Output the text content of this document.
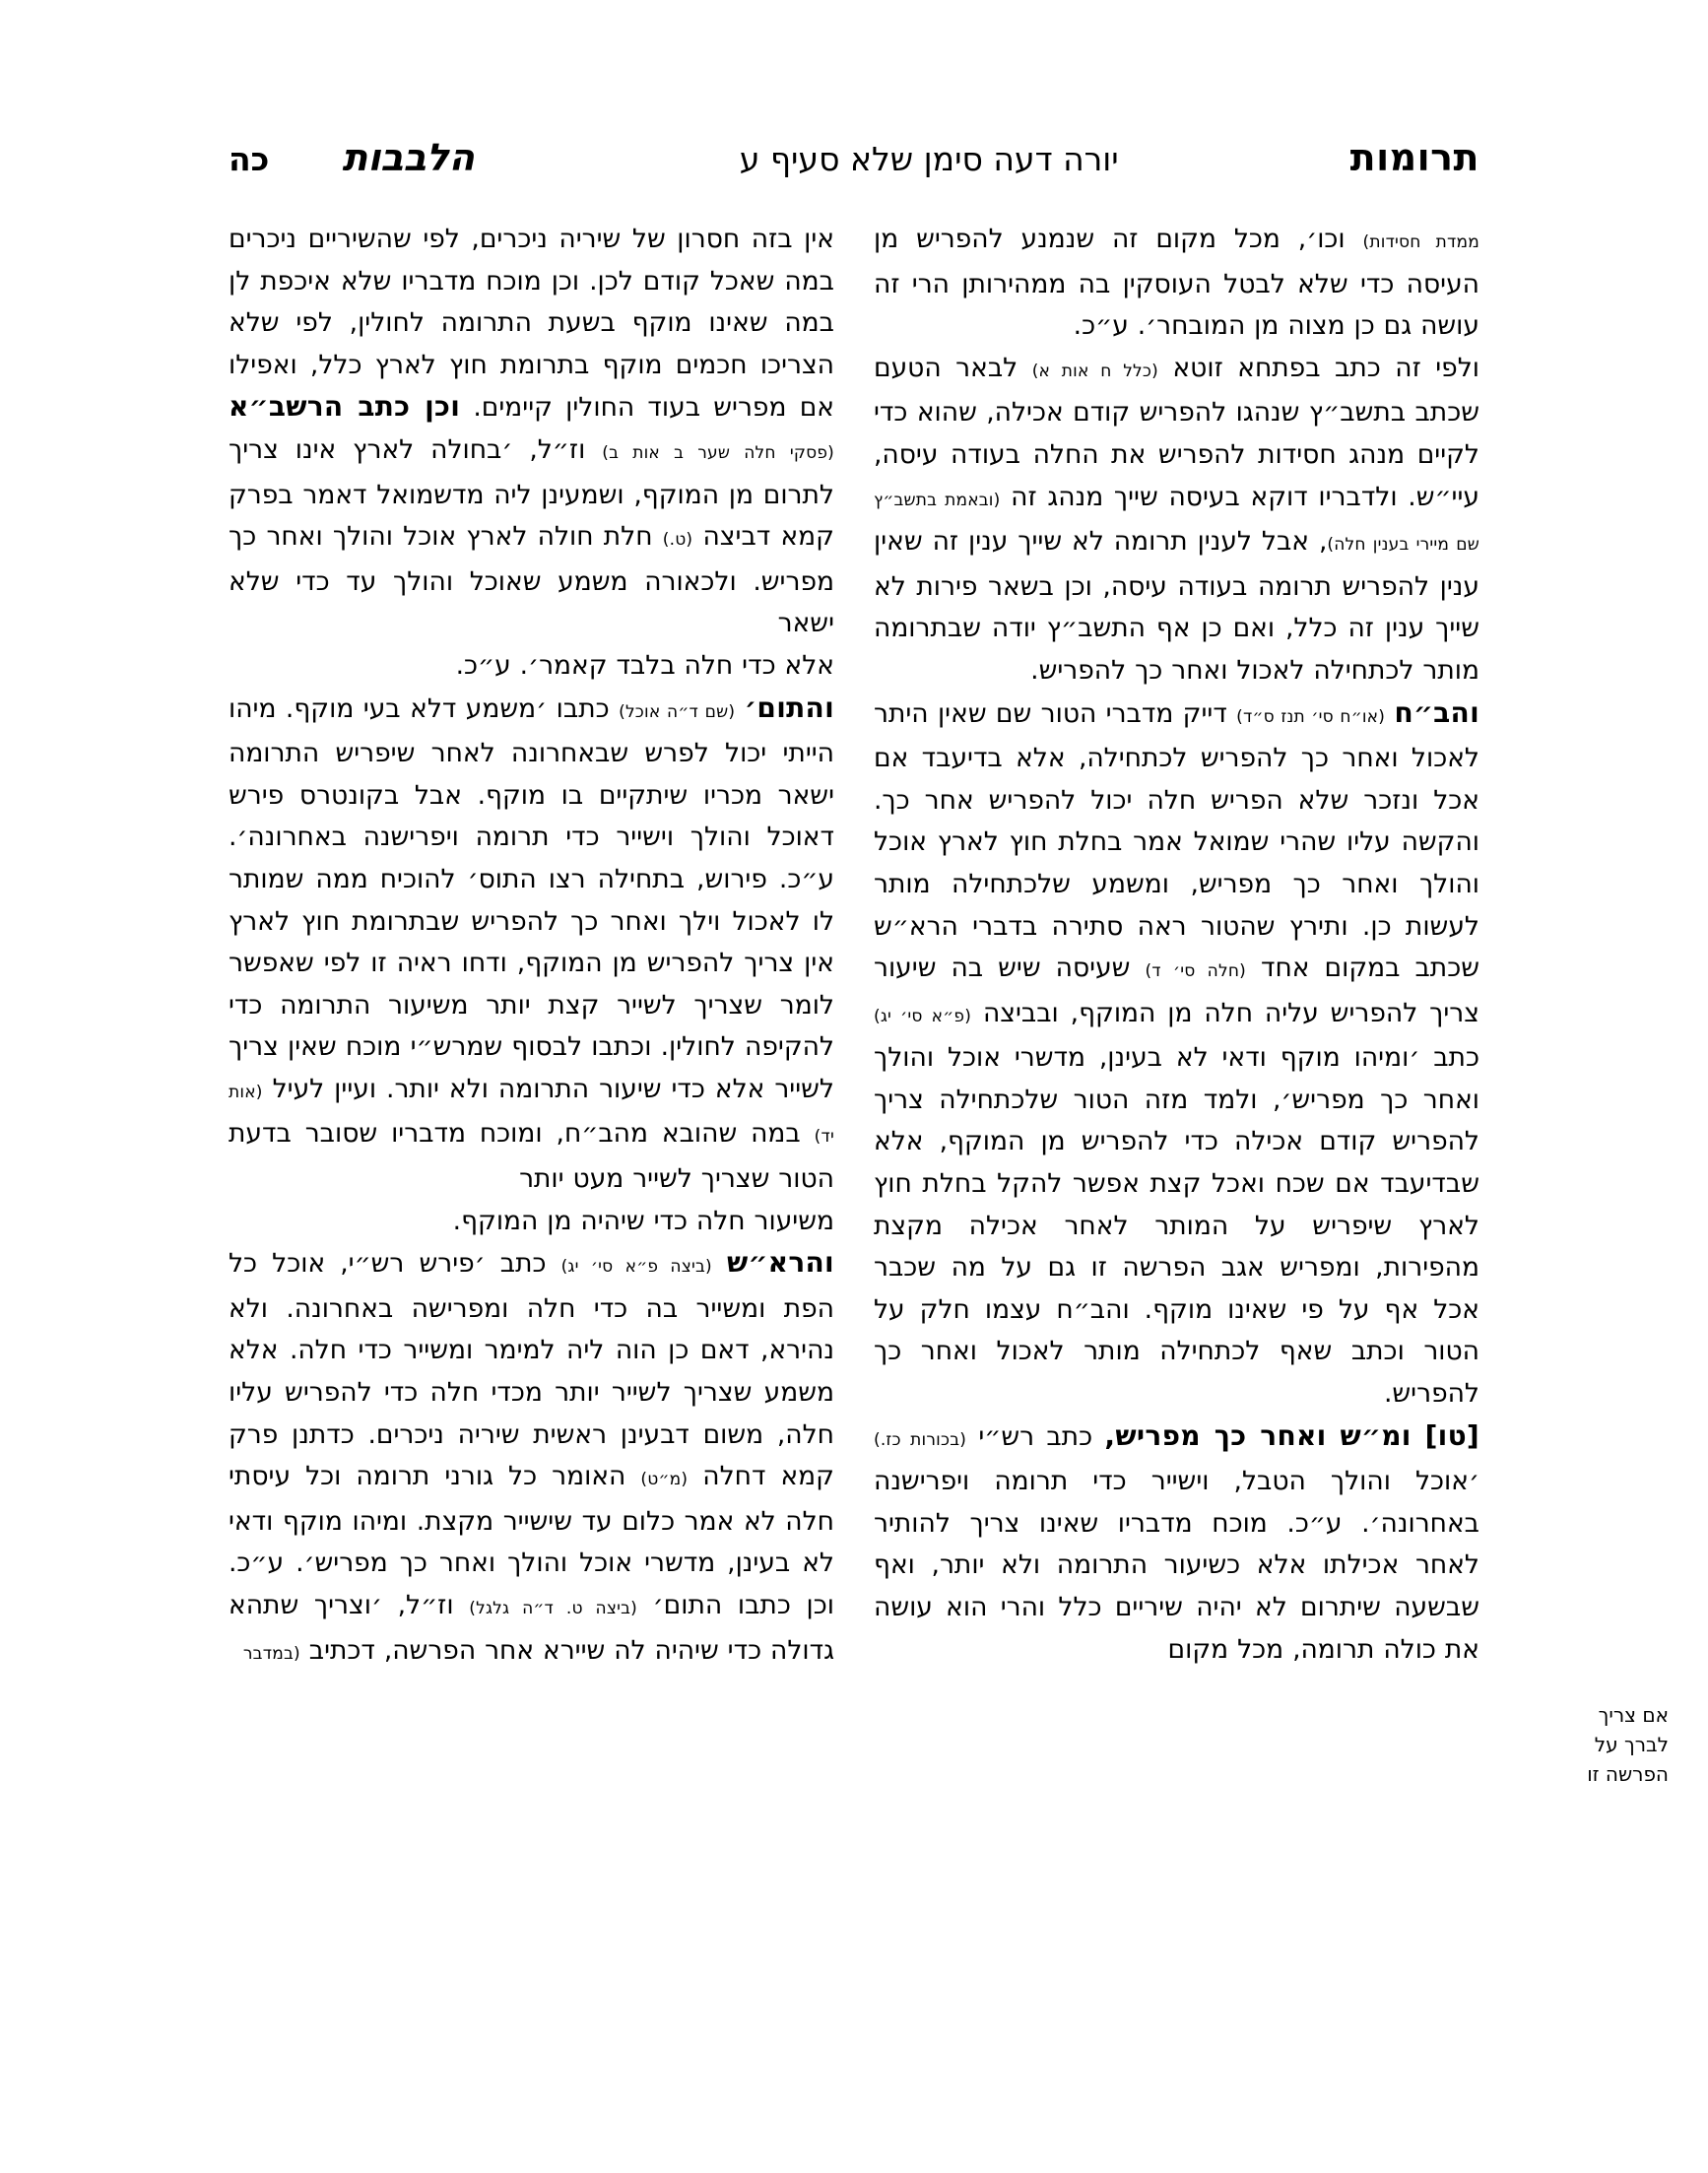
תרומות
יורה דעה סימן שלא סעיף ע
הלבבות
כה

ממדת חסידות) וכו׳, מכל מקום זה שנמנע להפריש מן העיסה כדי שלא לבטל העוסקין בה ממהירותן הרי זה עושה גם כן מצוה מן המובחר׳. ע״כ.

ולפי זה כתב בפתחא זוטא (כלל ח אות א) לבאר הטעם שכתב בתשב״ץ שנהגו להפריש קודם אכילה, שהוא כדי לקיים מנהג חסידות להפריש את החלה בעודה עיסה, עיי״ש. ולדבריו דוקא בעיסה שייך מנהג זה (ובאמת בתשב״ץ שם מיירי בענין חלה), אבל לענין תרומה לא שייך ענין זה שאין ענין להפריש תרומה בעודה עיסה, וכן בשאר פירות לא שייך ענין זה כלל, ואם כן אף התשב״ץ יודה שבתרומה מותר לכתחילה לאכול ואחר כך להפריש.

והב״ח (או״ח סי׳ תנז ס״ד) דייק מדברי הטור שם שאין היתר לאכול ואחר כך להפריש לכתחילה, אלא בדיעבד אם אכל ונזכר שלא הפריש חלה יכול להפריש אחר כך. והקשה עליו שהרי שמואל אמר בחלת חוץ לארץ אוכל והולך ואחר כך מפריש, ומשמע שלכתחילה מותר לעשות כן. ותירץ שהטור ראה סתירה בדברי הרא״ש שכתב במקום אחד (חלה סי׳ ד) שעיסה שיש בה שיעור צריך להפריש עליה חלה מן המוקף, ובביצה (פ״א סי׳ יג) כתב ׳ומיהו מוקף ודאי לא בעינן, מדשרי אוכל והולך ואחר כך מפריש׳, ולמד מזה הטור שלכתחילה צריך להפריש קודם אכילה כדי להפריש מן המוקף, אלא שבדיעבד אם שכח ואכל קצת אפשר להקל בחלת חוץ לארץ שיפריש על המותר לאחר אכילה מקצת מהפירות, ומפריש אגב הפרשה זו גם על מה שכבר אכל אף על פי שאינו מוקף. והב״ח עצמו חלק על הטור וכתב שאף לכתחילה מותר לאכול ואחר כך להפריש.

[טו] ומ״ש ואחר כך מפריש, כתב רש״י (בכורות כז.) ׳אוכל והולך הטבל, וישייר כדי תרומה ויפרישנה באחרונה׳. ע״כ. מוכח מדבריו שאינו צריך להותיר לאחר אכילתו אלא כשיעור התרומה ולא יותר, ואף שבשעה שיתרום לא יהיה שיריים כלל והרי הוא עושה את כולה תרומה, מכל מקום

אין בזה חסרון של שיריה ניכרים, לפי שהשיריים ניכרים במה שאכל קודם לכן. וכן מוכח מדבריו שלא איכפת לן במה שאינו מוקף בשעת התרומה לחולין, לפי שלא הצריכו חכמים מוקף בתרומת חוץ לארץ כלל, ואפילו אם מפריש בעוד החולין קיימים. וכן כתב הרשב״א (פסקי חלה שער ב אות ב) וז״ל, ׳בחולה לארץ אינו צריך לתרום מן המוקף, ושמעינן ליה מדשמואל דאמר בפרק קמא דביצה (ט.) חלת חולה לארץ אוכל והולך ואחר כך מפריש. ולכאורה משמע שאוכל והולך עד כדי שלא ישאר
אלא כדי חלה בלבד קאמר׳. ע״כ.

והתום׳ (שם ד״ה אוכל) כתבו ׳משמע דלא בעי מוקף. מיהו הייתי יכול לפרש שבאחרונה לאחר שיפריש התרומה ישאר מכריו שיתקיים בו מוקף. אבל בקונטרס פירש דאוכל והולך וישייר כדי תרומה ויפרישנה באחרונה׳. ע״כ. פירוש, בתחילה רצו התוס׳ להוכיח ממה שמותר לו לאכול וילך ואחר כך להפריש שבתרומת חוץ לארץ אין צריך להפריש מן המוקף, ודחו ראיה זו לפי שאפשר לומר שצריך לשייר קצת יותר משיעור התרומה כדי להקיפה לחולין. וכתבו לבסוף שמרש״י מוכח שאין צריך לשייר אלא כדי שיעור התרומה ולא יותר. ועיין לעיל (אות יד) במה שהובא מהב״ח, ומוכח מדבריו שסובר בדעת הטור שצריך לשייר מעט יותר
משיעור חלה כדי שיהיה מן המוקף.

והרא״ש (ביצה פ״א סי׳ יג) כתב ׳פירש רש״י, אוכל כל הפת ומשייר בה כדי חלה ומפרישה באחרונה. ולא נהירא, דאם כן הוה ליה למימר ומשייר כדי חלה. אלא משמע שצריך לשייר יותר מכדי חלה כדי להפריש עליו חלה, משום דבעינן ראשית שיריה ניכרים. כדתנן פרק קמא דחלה (מ״ט) האומר כל גורני תרומה וכל עיסתי חלה לא אמר כלום עד שישייר מקצת. ומיהו מוקף ודאי לא בעינן, מדשרי אוכל והולך ואחר כך מפריש׳. ע״כ. וכן כתבו התום׳ (ביצה ט. ד״ה גלגל) וז״ל, ׳וצריך שתהא גדולה כדי שיהיה לה שיירא אחר הפרשה, דכתיב (במדבר

אם צריך
לברך על
הפרשה זו
